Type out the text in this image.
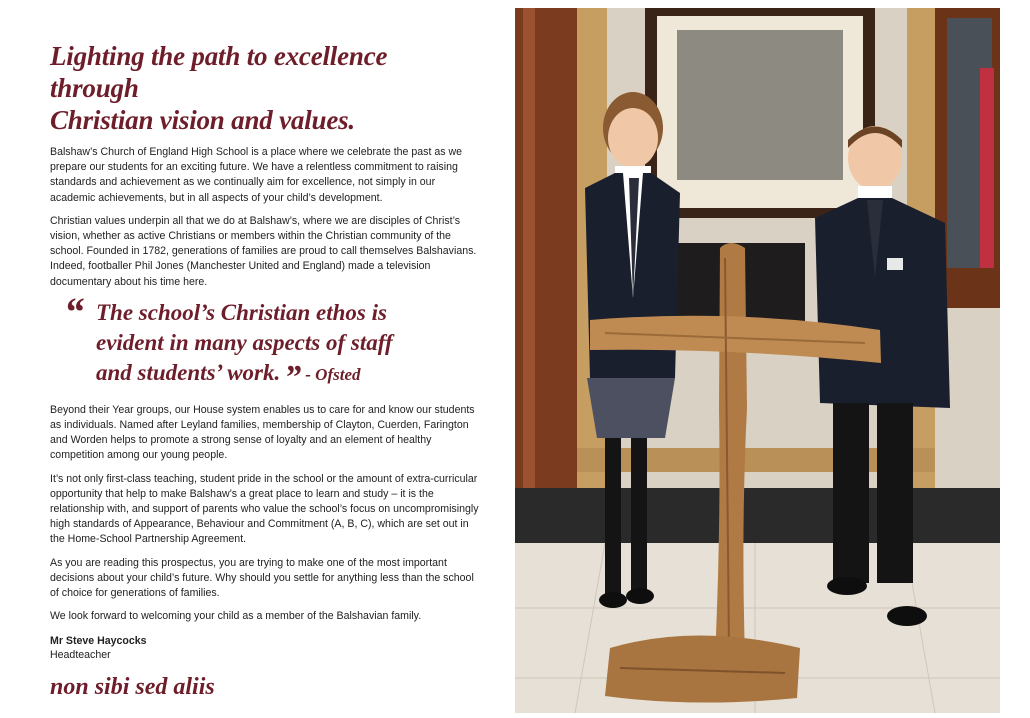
Lighting the path to excellence through
Christian vision and values.

Balshaw’s Church of England High School is a place where we celebrate the past as we prepare our students for an exciting future. We have a relentless commitment to raising standards and achievement as we continually aim for excellence, not simply in our academic achievements, but in all aspects of your child’s development.

Christian values underpin all that we do at Balshaw’s, where we are disciples of Christ’s vision, whether as active Christians or members within the Christian community of the school. Founded in 1782, generations of families are proud to call themselves Balshavians. Indeed, footballer Phil Jones (Manchester United and England) made a television documentary about his time here.

“ The school’s Christian ethos is
evident in many aspects of staff
and students’ work. ” - Ofsted

Beyond their Year groups, our House system enables us to care for and know our students as individuals. Named after Leyland families, membership of Clayton, Cuerden, Farington and Worden helps to promote a strong sense of loyalty and an element of healthy competition among our young people.

It’s not only first-class teaching, student pride in the school or the amount of extra-curricular opportunity that help to make Balshaw’s a great place to learn and study – it is the relationship with, and support of parents who value the school’s focus on uncompromisingly high standards of Appearance, Behaviour and Commitment (A, B, C), which are set out in the Home-School Partnership Agreement.

As you are reading this prospectus, you are trying to make one of the most important decisions about your child’s future. Why should you settle for anything less than the school of choice for generations of families.

We look forward to welcoming your child as a member of the Balshavian family.

Mr Steve Haycocks
Headteacher
non sibi sed aliis
